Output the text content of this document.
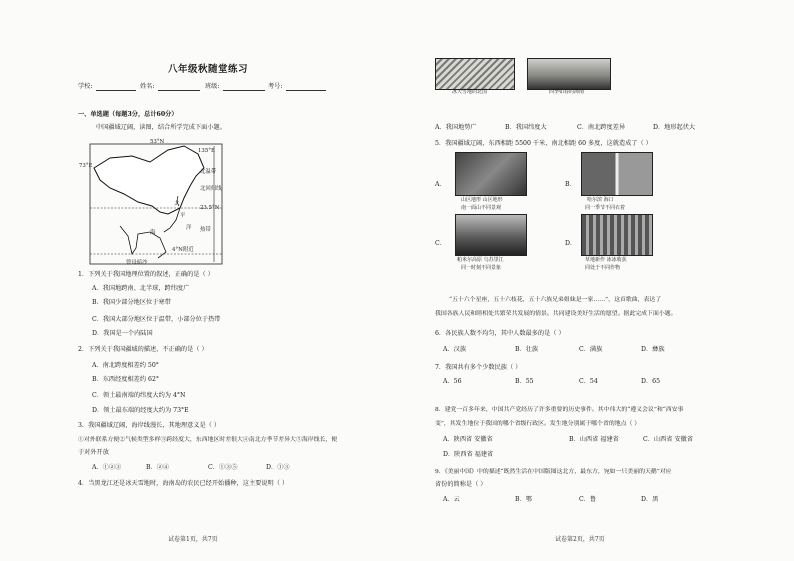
八年级秋随堂练习
学校:	姓名:	班级:	考号:
一、单选题（每题3分，总计60分）
中国疆域辽阔，读图，结合所学完成下面小题。
53°N
135°E
73°E
北温带
北回归线
23.5°N
热带
太
平
洋
海
4°N附近
曾母暗沙
1．下列关于我国地理位置的叙述，正确的是（ ）
A．我国地跨南、北半球，跨纬度广
B．我国少部分地区位于寒带
C．我国大部分地区位于温带，小部分位于热带
D．我国是一个内陆国
2．下列关于我国疆域的描述，不正确的是（ ）
A．南北跨度相差约 50°
B．东西经度相差约 62°
C．领土最南端的纬度大约为 4°N
D．领土最东端的经度大约为 73°E
3．我国疆域辽阔，海岸线漫长，其地理意义是（ ）
①对外联系方便②气候类型多样③跨经度大，东西地区时差很大④南北方季节差异大⑤海岸线长，便
于对外开放
A．①②③	B．②④	C．①③⑤	D．①③
4．当黑龙江还是冰天雪地时，海南岛的农民已经开始播种，这主要说明（ ）
试卷第1页，共7页
冰天雪地的北国	四季如春的海南
A．我国地势广	B．我国纬度大	C．南北跨度差异	D．地形起伏大
5．我国疆域辽阔，东西相距 5500 千米，南北相距 60 多度，这就造成了（ ）
A．
山区地形 山区地形
南一面山不同景观
B．
哈尔滨 海口
同一季节不同衣着
C．
帕米尔高原 乌苏里江
同一时刻不同景象
D．
草地新作 冰冰收获
同处于不同作物
“五十六个星座，五十六枝花，五十六族兄弟姐妹是一家……”，这首歌曲，表达了
我国各族人民和睦相处共繁荣共发展的情景。共同建设美好生活的愿望。据此完成下面小题。
6．各民族人数不均匀，其中人数最多的是（ ）
A．汉族	B．壮族	C．满族	D．彝族
7．我国共有多个少数民族（ ）
A．56	B．55	C．54	D．65
8．建党一百多年来，中国共产党经历了许多重要的历史事件。其中伟大的“遵义会议”和“西安事
变”，其发生地位于我国的哪个省级行政区。发生地分别属于哪个省的地点（ ）
A．陕西省 安徽省	B．山西省 福建省	C．山西省 安徽省
D．陕西省 福建省
9．《美丽中国》中的描述“既然生活在中国版图这北方，最东方，宛如一只美丽的天鹅”对应
省份的简称是（ ）
A．云	B．鄂	C．鲁	D．黑
试卷第2页，共7页
